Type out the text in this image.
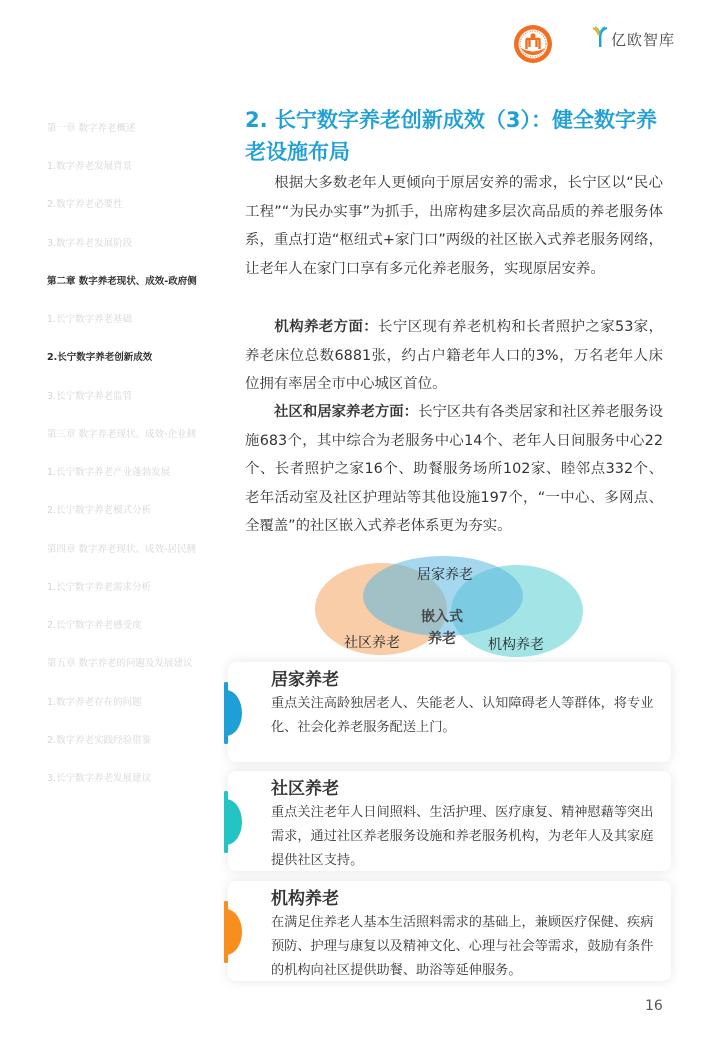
亿欧智库
第一章 数字养老概述
1.数字养老发展背景
2.数字养老必要性
3.数字养老发展阶段
第二章 数字养老现状、成效-政府侧
1.长宁数字养老基础
2.长宁数字养老创新成效
3.长宁数字养老监管
第三章 数字养老现状、成效-企业侧
1.长宁数字养老产业蓬勃发展
2.长宁数字养老模式分析
第四章 数字养老现状、成效-居民侧
1.长宁数字养老需求分析
2.长宁数字养老感受度
第五章 数字养老的问题及发展建议
1.数字养老存在的问题
2.数字养老实践经验借鉴
3.长宁数字养老发展建议
2. 长宁数字养老创新成效（3）：健全数字养老设施布局

根据大多数老年人更倾向于原居安养的需求，长宁区以“民心工程”“为民办实事”为抓手，出席构建多层次高品质的养老服务体系，重点打造“枢纽式+家门口”两级的社区嵌入式养老服务网络，让老年人在家门口享有多元化养老服务，实现原居安养。

机构养老方面：长宁区现有养老机构和长者照护之家53家，养老床位总数6881张，约占户籍老年人口的3%，万名老年人床位拥有率居全市中心城区首位。

社区和居家养老方面：长宁区共有各类居家和社区养老服务设施683个，其中综合为老服务中心14个、老年人日间服务中心22个、长者照护之家16个、助餐服务场所102家、睦邻点332个、老年活动室及社区护理站等其他设施197个，“一中心、多网点、全覆盖”的社区嵌入式养老体系更为夯实。

居家养老
社区养老	机构养老
嵌入式
养老
居家养老
重点关注高龄独居老人、失能老人、认知障碍老人等群体，将专业化、社会化养老服务配送上门。
社区养老
重点关注老年人日间照料、生活护理、医疗康复、精神慰藉等突出需求，通过社区养老服务设施和养老服务机构，为老年人及其家庭提供社区支持。
机构养老
在满足住养老人基本生活照料需求的基础上，兼顾医疗保健、疾病预防、护理与康复以及精神文化、心理与社会等需求，鼓励有条件的机构向社区提供助餐、助浴等延伸服务。
16
